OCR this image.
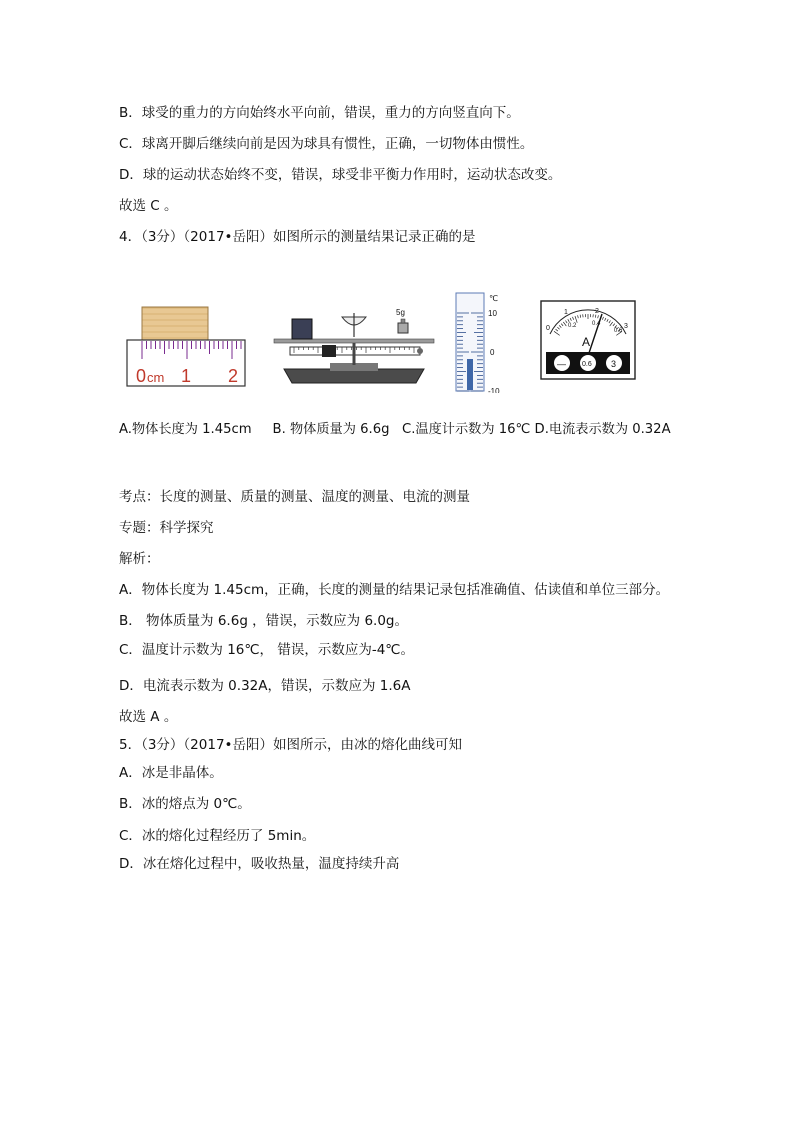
B．球受的重力的方向始终水平向前，错误，重力的方向竖直向下。
C．球离开脚后继续向前是因为球具有惯性，正确，一切物体由惯性。
D．球的运动状态始终不变，错误，球受非平衡力作用时，运动状态改变。
故选 C 。
4．（3分）（2017•岳阳）如图所示的测量结果记录正确的是
0 cm 1 2
5g
℃
10
0
-10
0
1	2
3
0.2	0.4
0.6
A
— 0.6 3
A.物体长度为 1.45cm B. 物体质量为 6.6g C.温度计示数为 16℃ D.电流表示数为 0.32A
考点：长度的测量、质量的测量、温度的测量、电流的测量
专题：科学探究
解析：
A．物体长度为 1.45cm，正确，长度的测量的结果记录包括准确值、估读值和单位三部分。
B． 物体质量为 6.6g ，错误，示数应为 6.0g。
C．温度计示数为 16℃， 错误，示数应为-4℃。
D．电流表示数为 0.32A，错误，示数应为 1.6A
故选 A 。
5．（3分）（2017•岳阳）如图所示，由冰的熔化曲线可知
A．冰是非晶体。
B．冰的熔点为 0℃。
C．冰的熔化过程经历了 5min。
D．冰在熔化过程中，吸收热量，温度持续升高
